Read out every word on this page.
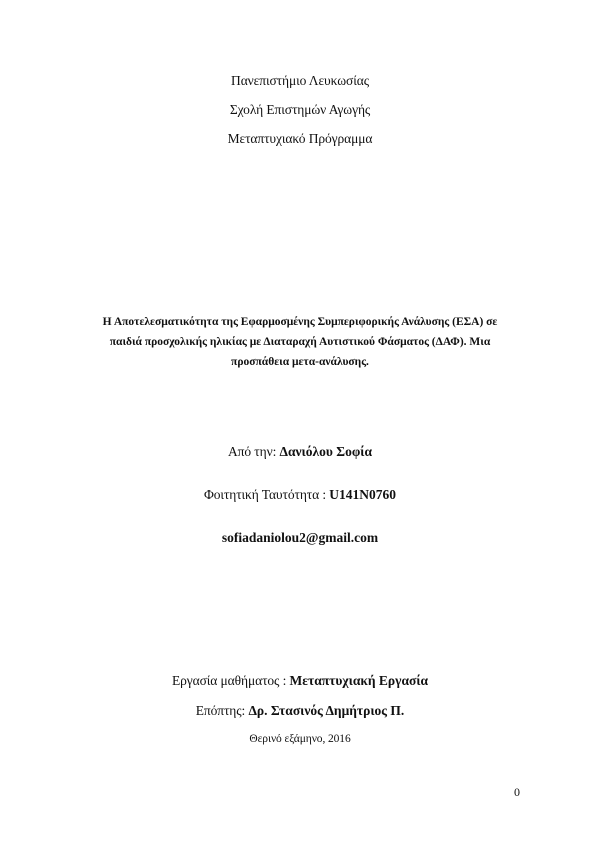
Πανεπιστήμιο Λευκωσίας
Σχολή Επιστημών Αγωγής
Μεταπτυχιακό Πρόγραμμα
Η Αποτελεσματικότητα της Εφαρμοσμένης Συμπεριφορικής Ανάλυσης (ΕΣΑ) σε
παιδιά προσχολικής ηλικίας με Διαταραχή Αυτιστικού Φάσματος (ΔΑΦ). Μια
προσπάθεια μετα-ανάλυσης.
Από την: Δανιόλου Σοφία
Φοιτητική Ταυτότητα : U141N0760
sofiadaniolou2@gmail.com
Εργασία μαθήματος : Μεταπτυχιακή Εργασία
Επόπτης: Δρ. Στασινός Δημήτριος Π.
Θερινό εξάμηνο, 2016
0
